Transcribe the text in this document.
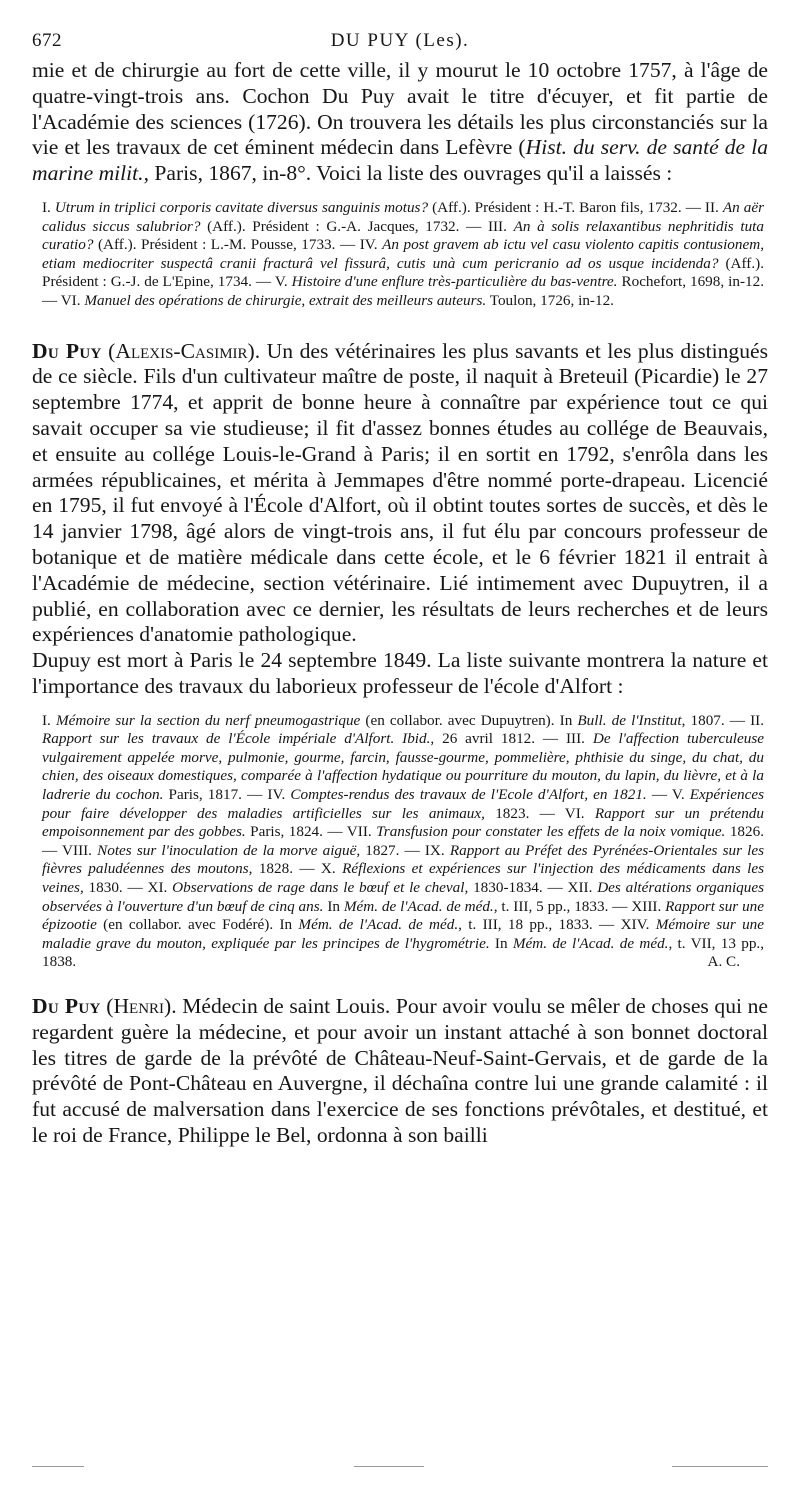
672	DU PUY (Les).

mie et de chirurgie au fort de cette ville, il y mourut le 10 octobre 1757, à l'âge de quatre-vingt-trois ans. Cochon Du Puy avait le titre d'écuyer, et fit partie de l'Académie des sciences (1726). On trouvera les détails les plus circonstanciés sur la vie et les travaux de cet éminent médecin dans Lefèvre (Hist. du serv. de santé de la marine milit., Paris, 1867, in-8°. Voici la liste des ouvrages qu'il a laissés :

I. Utrum in triplici corporis cavitate diversus sanguinis motus? (Aff.). Président : H.-T. Baron fils, 1732. — II. An aër calidus siccus salubrior? (Aff.). Président : G.-A. Jacques, 1732. — III. An à solis relaxantibus nephritidis tuta curatio? (Aff.). Président : L.-M. Pousse, 1733. — IV. An post gravem ab ictu vel casu violento capitis contusionem, etiam mediocriter suspectâ cranii fracturâ vel fissurâ, cutis unà cum pericranio ad os usque incidenda? (Aff.). Président : G.-J. de L'Epine, 1734. — V. Histoire d'une enflure très-particulière du bas-ventre. Rochefort, 1698, in-12. — VI. Manuel des opérations de chirurgie, extrait des meilleurs auteurs. Toulon, 1726, in-12.

Du Puy (Alexis-Casimir). Un des vétérinaires les plus savants et les plus distingués de ce siècle. Fils d'un cultivateur maître de poste, il naquit à Breteuil (Picardie) le 27 septembre 1774, et apprit de bonne heure à connaître par expérience tout ce qui savait occuper sa vie studieuse; il fit d'assez bonnes études au collége de Beauvais, et ensuite au collége Louis-le-Grand à Paris; il en sortit en 1792, s'enrôla dans les armées républicaines, et mérita à Jemmapes d'être nommé porte-drapeau. Licencié en 1795, il fut envoyé à l'École d'Alfort, où il obtint toutes sortes de succès, et dès le 14 janvier 1798, âgé alors de vingt-trois ans, il fut élu par concours professeur de botanique et de matière médicale dans cette école, et le 6 février 1821 il entrait à l'Académie de médecine, section vétérinaire. Lié intimement avec Dupuytren, il a publié, en collaboration avec ce dernier, les résultats de leurs recherches et de leurs expériences d'anatomie pathologique.

Dupuy est mort à Paris le 24 septembre 1849. La liste suivante montrera la nature et l'importance des travaux du laborieux professeur de l'école d'Alfort :

I. Mémoire sur la section du nerf pneumogastrique (en collabor. avec Dupuytren). In Bull. de l'Institut, 1807. — II. Rapport sur les travaux de l'École impériale d'Alfort. Ibid., 26 avril 1812. — III. De l'affection tuberculeuse vulgairement appelée morve, pulmonie, gourme, farcin, fausse-gourme, pommelière, phthisie du singe, du chat, du chien, des oiseaux domestiques, comparée à l'affection hydatique ou pourriture du mouton, du lapin, du lièvre, et à la ladrerie du cochon. Paris, 1817. — IV. Comptes-rendus des travaux de l'Ecole d'Alfort, en 1821. — V. Expériences pour faire développer des maladies artificielles sur les animaux, 1823. — VI. Rapport sur un prétendu empoisonnement par des gobbes. Paris, 1824. — VII. Transfusion pour constater les effets de la noix vomique. 1826. — VIII. Notes sur l'inoculation de la morve aiguë, 1827. — IX. Rapport au Préfet des Pyrénées-Orientales sur les fièvres paludéennes des moutons, 1828. — X. Réflexions et expériences sur l'injection des médicaments dans les veines, 1830. — XI. Observations de rage dans le bœuf et le cheval, 1830-1834. — XII. Des altérations organiques observées à l'ouverture d'un bœuf de cinq ans. In Mém. de l'Acad. de méd., t. III, 5 pp., 1833. — XIII. Rapport sur une épizootie (en collabor. avec Fodéré). In Mém. de l'Acad. de méd., t. III, 18 pp., 1833. — XIV. Mémoire sur une maladie grave du mouton, expliquée par les principes de l'hygrométrie. In Mém. de l'Acad. de méd., t. VII, 13 pp., 1838.	A. C.

Du Puy (Henri). Médecin de saint Louis. Pour avoir voulu se mêler de choses qui ne regardent guère la médecine, et pour avoir un instant attaché à son bonnet doctoral les titres de garde de la prévôté de Château-Neuf-Saint-Gervais, et de garde de la prévôté de Pont-Château en Auvergne, il déchaîna contre lui une grande calamité : il fut accusé de malversation dans l'exercice de ses fonctions prévôtales, et destitué, et le roi de France, Philippe le Bel, ordonna à son bailli
